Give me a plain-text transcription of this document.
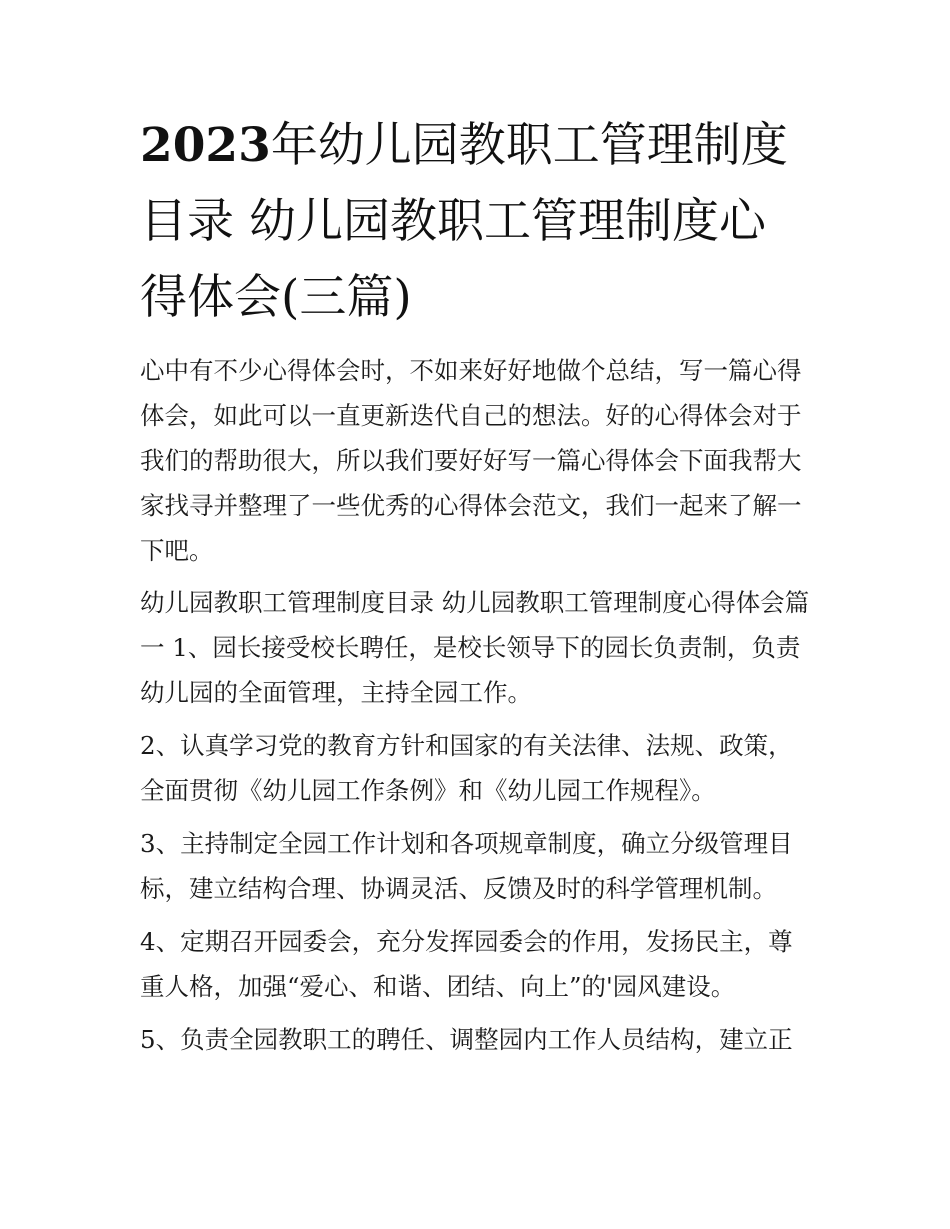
2023年幼儿园教职工管理制度目录 幼儿园教职工管理制度心得体会(三篇)

心中有不少心得体会时，不如来好好地做个总结，写一篇心得体会，如此可以一直更新迭代自己的想法。好的心得体会对于我们的帮助很大，所以我们要好好写一篇心得体会下面我帮大家找寻并整理了一些优秀的心得体会范文，我们一起来了解一下吧。

幼儿园教职工管理制度目录 幼儿园教职工管理制度心得体会篇一 1、园长接受校长聘任，是校长领导下的园长负责制，负责幼儿园的全面管理，主持全园工作。

2、认真学习党的教育方针和国家的有关法律、法规、政策，全面贯彻《幼儿园工作条例》和《幼儿园工作规程》。

3、主持制定全园工作计划和各项规章制度，确立分级管理目标，建立结构合理、协调灵活、反馈及时的科学管理机制。

4、定期召开园委会，充分发挥园委会的作用，发扬民主，尊重人格，加强“爱心、和谐、团结、向上”的'园风建设。

5、负责全园教职工的聘任、调整园内工作人员结构，建立正
